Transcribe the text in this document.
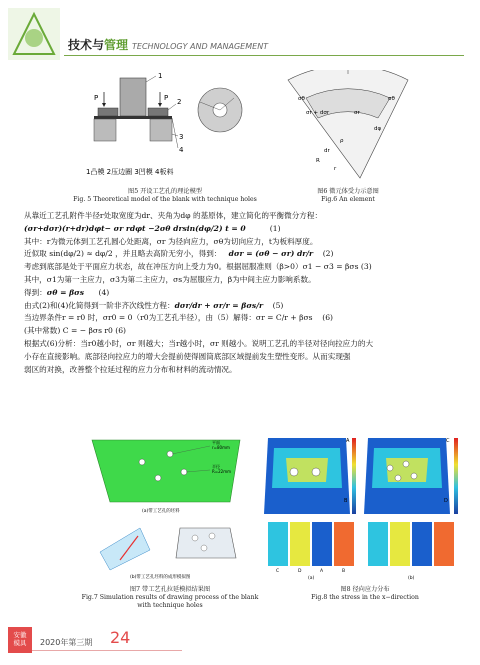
技术与管理 TECHNOLOGY AND MANAGEMENT
P	P
1
2
3
4
1凸模 2压边圈 3凹模 4板料
图5 开设工艺孔的理论模型
Fig. 5 Theoretical model of the blank with technique holes
σr + dσr
σθ
σr
σθ
dφ
ρ
dr
R
r
图6 微元体受力示意图
Fig.6 An element

从靠近工艺孔附件半径r处取宽度为dr、夹角为dφ 的基原体，建立简化的平衡微分方程：

(σr+dσr)(r+dr)dφt− σr rdφt −2σθ drsin(dφ/2) t = 0	(1)

其中：r为微元体到工艺孔圆心处距离，σr 为径向应力，σθ为切向应力，t为板料厚度。

近似取 sin(dφ/2) ≈ dφ/2 ，并且略去高阶无穷小，得到： dσr = (σθ − σr) dr/r (2)

考虑到底部是处于平面应力状态，故在冲压方向上受力为0。根据屈服准则（β>0）σ1 − σ3 = βσs (3)

其中，σ1为第一主应力，σ3为第二主应力，σs为屈服应力，β为中间主应力影响系数。

得到：σθ = βσs (4)

由式(2)和(4)化简得到一阶非齐次线性方程：dσr/dr + σr/r = βσs/r (5)

当边界条件r = r0 时，σr0 = 0（r0为工艺孔半径），由（5）解得：σr = C/r + βσs (6)

(其中常数) C = − βσs r0 (6)

根据式(6)分析：当r0越小时，σr 则越大；当r越小时，σr 则越小。说明工艺孔的半径对径向拉应力的大

小存在直接影响。底部径向拉应力的增大会提前使得圆筒底部区域提前发生塑性变形。从而实现强

弱区的对换，改善整个拉延过程的应力分布和材料的流动情况。

平面
r=80mm
半径
R=22mm
(a)带工艺孔的坯料
(b)带工艺孔坯料的成形模拟图
图7 带工艺孔拉延模拟结果图
Fig.7 Simulation results of drawing process of the blank
with technique holes
A
B
C
D
C	D	A	B
(a)	(b)
图8 径向应力分布
Fig.8 the stress in the x−direction
安徽
模具	2020年第三期 24
